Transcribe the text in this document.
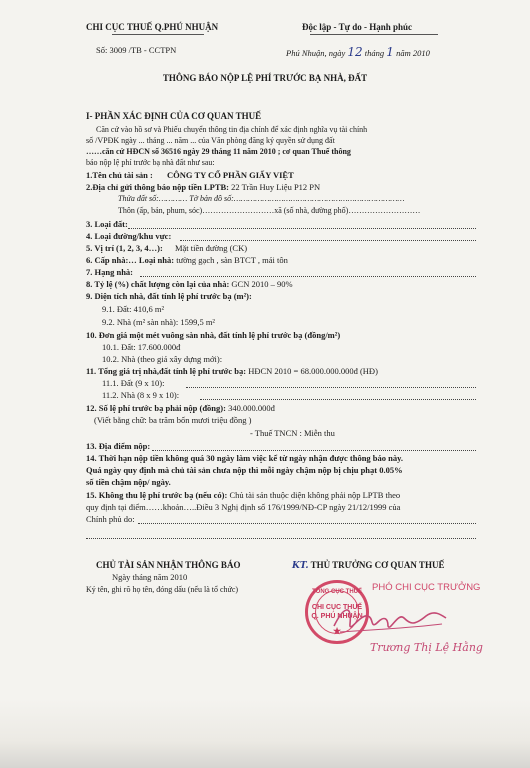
CHI CỤC THUẾ Q.PHÚ NHUẬN	Độc lập - Tự do - Hạnh phúc
Số: 3009 /TB - CCTPN	Phú Nhuận, ngày 12 tháng 1 năm 2010
THÔNG BÁO NỘP LỆ PHÍ TRƯỚC BẠ NHÀ, ĐẤT
I- PHẦN XÁC ĐỊNH CỦA CƠ QUAN THUẾ
Căn cứ vào hồ sơ và Phiếu chuyển thông tin địa chính để xác định nghĩa vụ tài chính
số /VPĐK ngày ... tháng ... năm ... của Văn phòng đăng ký quyền sử dụng đất
……căn cứ HĐCN số 36516 ngày 29 tháng 11 năm 2010 ; cơ quan Thuế thông
báo nộp lệ phí trước bạ nhà đất như sau:
1.Tên chủ tài sản : CÔNG TY CỔ PHẦN GIẤY VIỆT
2.Địa chỉ gửi thông báo nộp tiền LPTB: 22 Trần Huy Liệu P12 PN
Thửa đất số:………… Tờ bản đồ số:………………………………………………………………
Thôn (ấp, bản, phum, sóc)………………………xã (số nhà, đường phố)………………………
3. Loại đất:
4. Loại đường/khu vực:
5. Vị trí (1, 2, 3, 4…): Mặt tiền đường (CK)
6. Cấp nhà:… Loại nhà: tường gạch , sàn BTCT , mái tôn
7. Hạng nhà:
8. Tỷ lệ (%) chất lượng còn lại của nhà: GCN 2010 – 90%
9. Diện tích nhà, đất tính lệ phí trước bạ (m²):
9.1. Đất: 410,6 m²
9.2. Nhà (m² sàn nhà): 1599,5 m²
10. Đơn giá một mét vuông sàn nhà, đất tính lệ phí trước bạ (đồng/m²)
10.1. Đất: 17.600.000đ
10.2. Nhà (theo giá xây dựng mới):
11. Tổng giá trị nhà,đất tính lệ phí trước bạ: HĐCN 2010 = 68.000.000.000đ (HĐ)
11.1. Đất (9 x 10):
11.2. Nhà (8 x 9 x 10):
12. Số lệ phí trước bạ phải nộp (đồng): 340.000.000đ
(Viết bằng chữ: ba trăm bốn mươi triệu đồng )
- Thuế TNCN : Miễn thu
13. Địa điểm nộp:
14. Thời hạn nộp tiền không quá 30 ngày làm việc kể từ ngày nhận được thông báo này.
Quá ngày quy định mà chủ tài sản chưa nộp thì mỗi ngày chậm nộp bị chịu phạt 0.05%
số tiền chậm nộp/ ngày.
15. Không thu lệ phí trước bạ (nếu có): Chủ tài sản thuộc diện không phải nộp LPTB theo
quy định tại điểm……khoản…..Điều 3 Nghị định số 176/1999/NĐ-CP ngày 21/12/1999 của
Chính phủ do:
CHỦ TÀI SẢN NHẬN THÔNG BÁO
Ngày tháng năm 2010
Ký tên, ghi rõ họ tên, đóng dấu (nếu là tổ chức)
KT. THỦ TRƯỞNG CƠ QUAN THUẾ
TỔNG CỤC THUẾ
CHI CỤC THUẾ
Q. PHÚ NHUẬN
★
PHÓ CHI CỤC TRƯỞNG
Trương Thị Lệ Hằng
